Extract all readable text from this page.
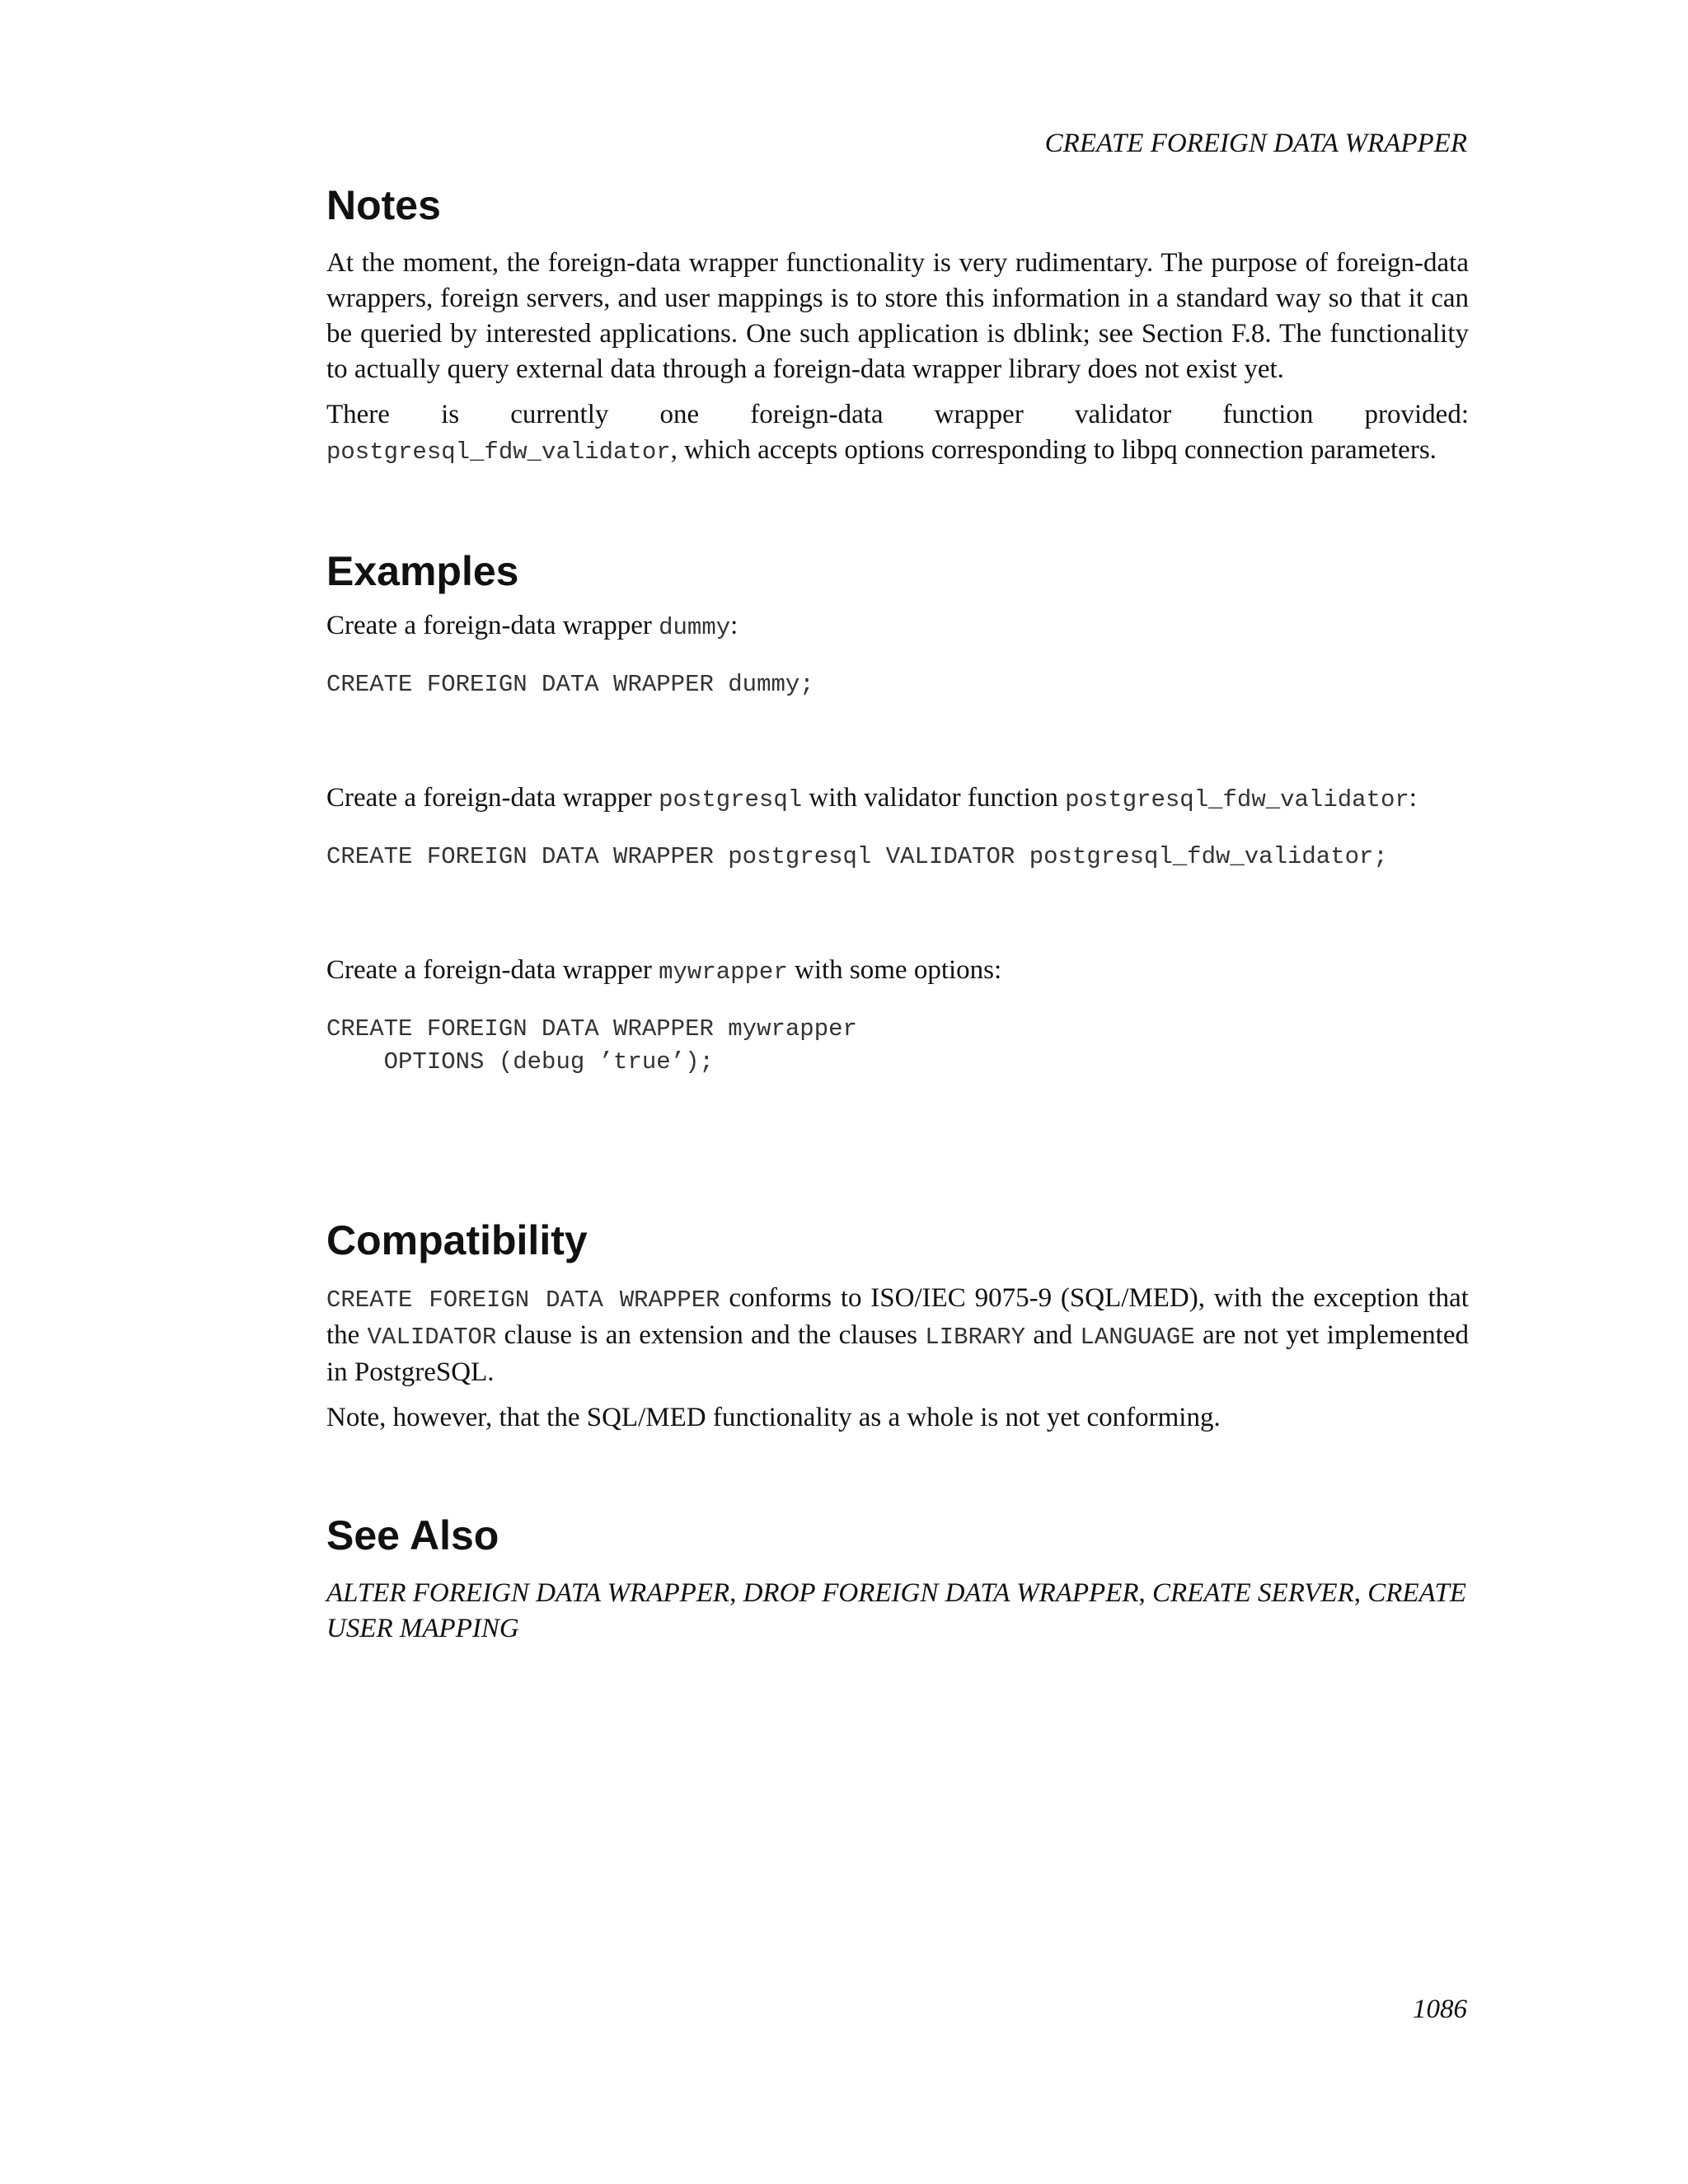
CREATE FOREIGN DATA WRAPPER
Notes

At the moment, the foreign-data wrapper functionality is very rudimentary. The purpose of foreign-data wrappers, foreign servers, and user mappings is to store this information in a standard way so that it can be queried by interested applications. One such application is dblink; see Section F.8. The functionality to actually query external data through a foreign-data wrapper library does not exist yet.

There is currently one foreign-data wrapper validator function provided: postgresql_fdw_validator, which accepts options corresponding to libpq connection parameters.

Examples

Create a foreign-data wrapper dummy:

CREATE FOREIGN DATA WRAPPER dummy;

Create a foreign-data wrapper postgresql with validator function postgresql_fdw_validator:

CREATE FOREIGN DATA WRAPPER postgresql VALIDATOR postgresql_fdw_validator;

Create a foreign-data wrapper mywrapper with some options:

CREATE FOREIGN DATA WRAPPER mywrapper
OPTIONS (debug ’true’);
Compatibility

CREATE FOREIGN DATA WRAPPER conforms to ISO/IEC 9075-9 (SQL/MED), with the exception that the VALIDATOR clause is an extension and the clauses LIBRARY and LANGUAGE are not yet implemented in PostgreSQL.

Note, however, that the SQL/MED functionality as a whole is not yet conforming.

See Also

ALTER FOREIGN DATA WRAPPER, DROP FOREIGN DATA WRAPPER, CREATE SERVER, CREATE USER MAPPING

1086
